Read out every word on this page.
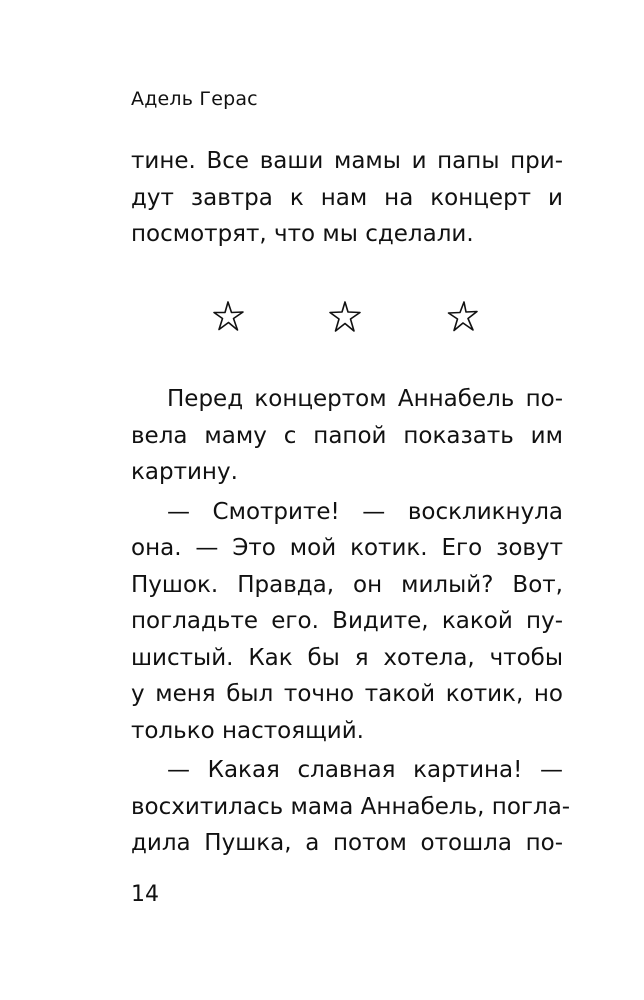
Адель Герас
тине. Все ваши мамы и папы при-
дут завтра к нам на концерт и
посмотрят, что мы сделали.
Перед концертом Аннабель по-
вела маму с папой показать им
картину.
— Смотрите! — воскликнула
она. — Это мой котик. Его зовут
Пушок. Правда, он милый? Вот,
погладьте его. Видите, какой пу-
шистый. Как бы я хотела, чтобы
у меня был точно такой котик, но
только настоящий.
— Какая славная картина! —
восхитилась мама Аннабель, погла-
дила Пушка, а потом отошла по-
14
